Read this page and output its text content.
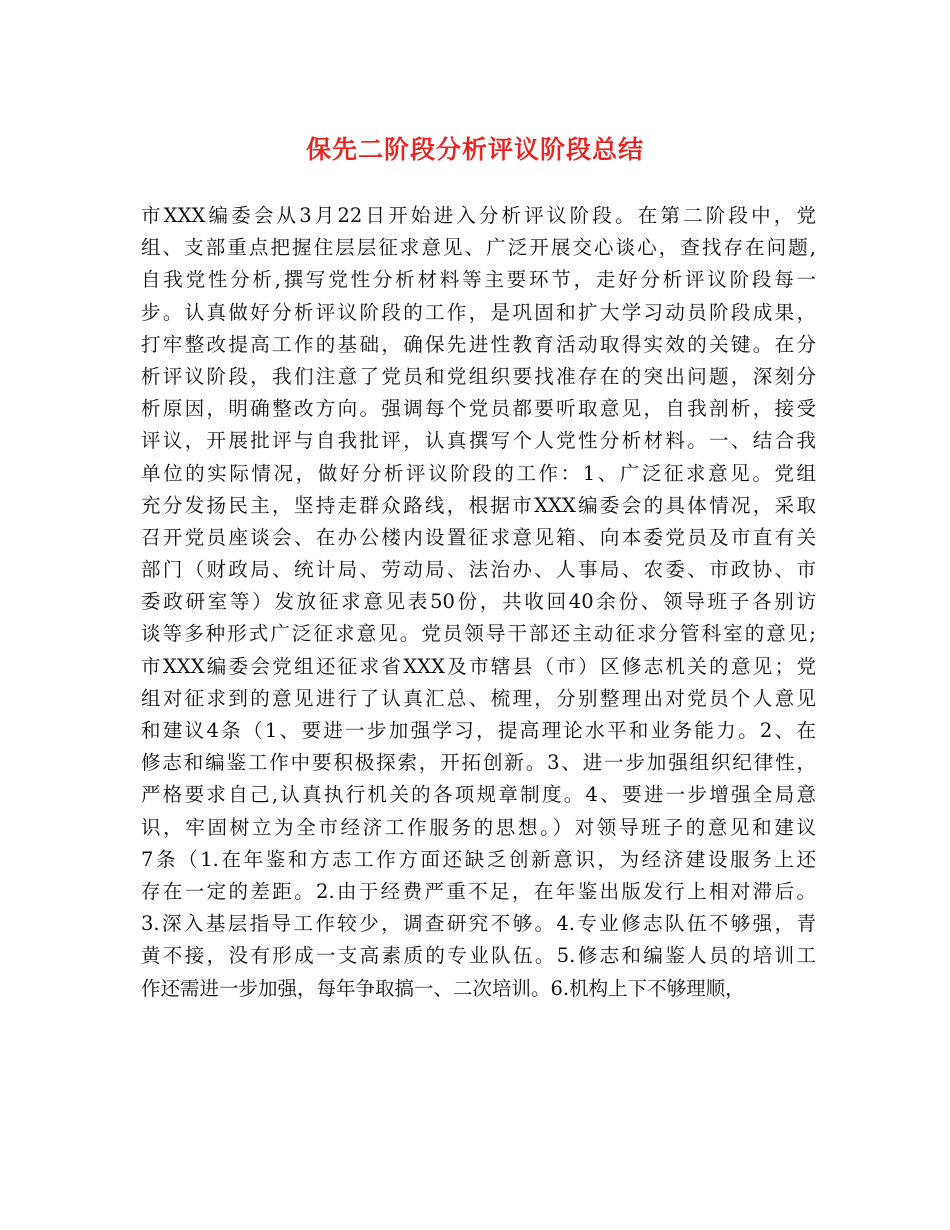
保先二阶段分析评议阶段总结
市XXX编委会从3月22日开始进入分析评议阶段。在第二阶段中，党
组、支部重点把握住层层征求意见、广泛开展交心谈心，查找存在问题,
自我党性分析,撰写党性分析材料等主要环节，走好分析评议阶段每一
步。认真做好分析评议阶段的工作，是巩固和扩大学习动员阶段成果，
打牢整改提高工作的基础，确保先进性教育活动取得实效的关键。在分
析评议阶段，我们注意了党员和党组织要找准存在的突出问题，深刻分
析原因，明确整改方向。强调每个党员都要听取意见，自我剖析，接受
评议，开展批评与自我批评，认真撰写个人党性分析材料。一、结合我
单位的实际情况，做好分析评议阶段的工作：1、广泛征求意见。党组
充分发扬民主，坚持走群众路线，根据市XXX编委会的具体情况，采取
召开党员座谈会、在办公楼内设置征求意见箱、向本委党员及市直有关
部门（财政局、统计局、劳动局、法治办、人事局、农委、市政协、市
委政研室等）发放征求意见表50份，共收回40余份、领导班子各别访
谈等多种形式广泛征求意见。党员领导干部还主动征求分管科室的意见;
市XXX编委会党组还征求省XXX及市辖县（市）区修志机关的意见；党
组对征求到的意见进行了认真汇总、梳理，分别整理出对党员个人意见
和建议4条（1、要进一步加强学习，提高理论水平和业务能力。2、在
修志和编鉴工作中要积极探索，开拓创新。3、进一步加强组织纪律性，
严格要求自己,认真执行机关的各项规章制度。4、要进一步增强全局意
识，牢固树立为全市经济工作服务的思想。）对领导班子的意见和建议
7条（1.在年鉴和方志工作方面还缺乏创新意识，为经济建设服务上还
存在一定的差距。2.由于经费严重不足，在年鉴出版发行上相对滞后。
3.深入基层指导工作较少，调查研究不够。4.专业修志队伍不够强，青
黄不接，没有形成一支高素质的专业队伍。5.修志和编鉴人员的培训工
作还需进一步加强，每年争取搞一、二次培训。6.机构上下不够理顺，
